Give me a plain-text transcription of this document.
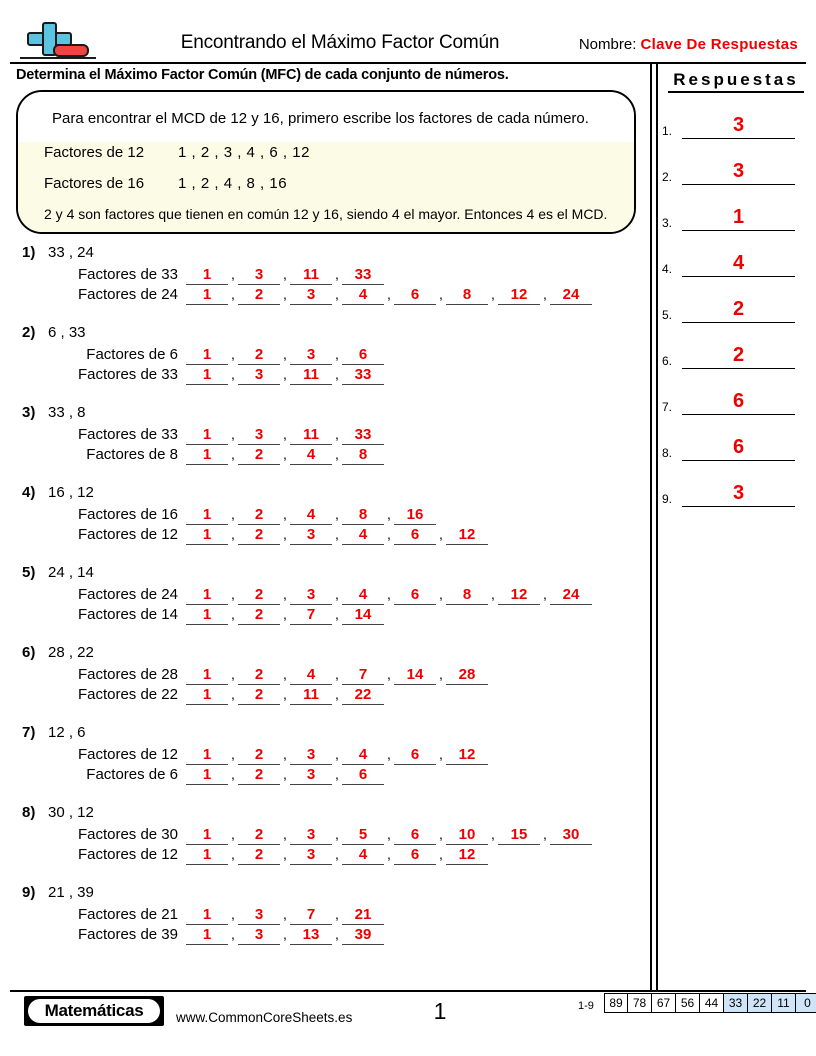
Encontrando el Máximo Factor Común	Nombre: Clave De Respuestas
Determina el Máximo Factor Común (MFC) de cada conjunto de números.
Para encontrar el MCD de 12 y 16, primero escribe los factores de cada número.
Factores de 12 1 , 2 , 3 , 4 , 6 , 12
Factores de 16 1 , 2 , 4 , 8 , 16
2 y 4 son factores que tienen en común 12 y 16, siendo 4 el mayor. Entonces 4 es el MCD.
1) 33 , 24
Factores de 33	1 , 3 , 11 , 33
Factores de 24	1 , 2 , 3 , 4 , 6 , 8 , 12 , 24
2) 6 , 33
Factores de 6	1 , 2 , 3 , 6
Factores de 33	1 , 3 , 11 , 33
3) 33 , 8
Factores de 33	1 , 3 , 11 , 33
Factores de 8	1 , 2 , 4 , 8
4) 16 , 12
Factores de 16	1 , 2 , 4 , 8 , 16
Factores de 12	1 , 2 , 3 , 4 , 6 , 12
5) 24 , 14
Factores de 24	1 , 2 , 3 , 4 , 6 , 8 , 12 , 24
Factores de 14	1 , 2 , 7 , 14
6) 28 , 22
Factores de 28	1 , 2 , 4 , 7 , 14 , 28
Factores de 22	1 , 2 , 11 , 22
7) 12 , 6
Factores de 12	1 , 2 , 3 , 4 , 6 , 12
Factores de 6	1 , 2 , 3 , 6
8) 30 , 12
Factores de 30	1 , 2 , 3 , 5 , 6 , 10 , 15 , 30
Factores de 12	1 , 2 , 3 , 4 , 6 , 12
9) 21 , 39
Factores de 21	1 , 3 , 7 , 21
Factores de 39	1 , 3 , 13 , 39
Respuestas
1.	3
2.	3
3.	1
4.	4
5.	2
6.	2
7.	6
8.	6
9.	3
Matemáticas	www.CommonCoreSheets.es	1	1-9	89 78 67 56 44 33 22 11	0
